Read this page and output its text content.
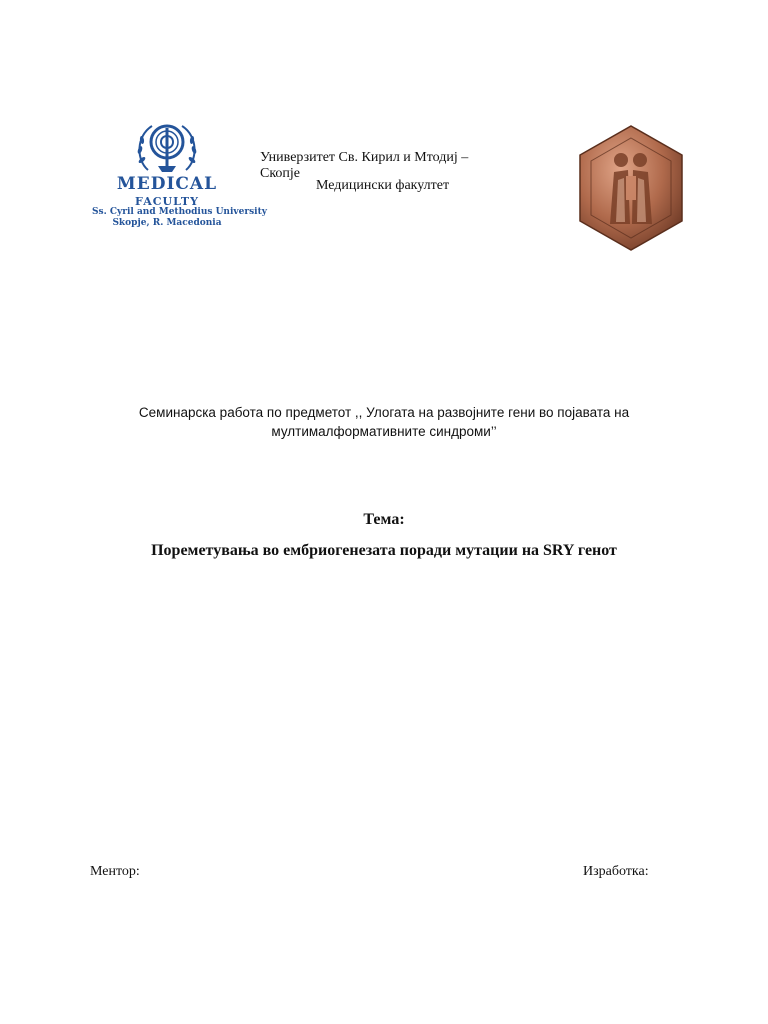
MEDICAL
FACULTY
Ss. Cyril and Methodius University
Skopje, R. Macedonia
Универзитет Св. Кирил и Мтодиј – Скопје
Медицински факултет
Семинарска работа по предметот ,, Улогата на развојните гени во појавата на
мултималформативните синдроми’’
Тема:
Пореметувања во ембриогенезата поради мутации на SRY генот
Ментор:	Изработка:
